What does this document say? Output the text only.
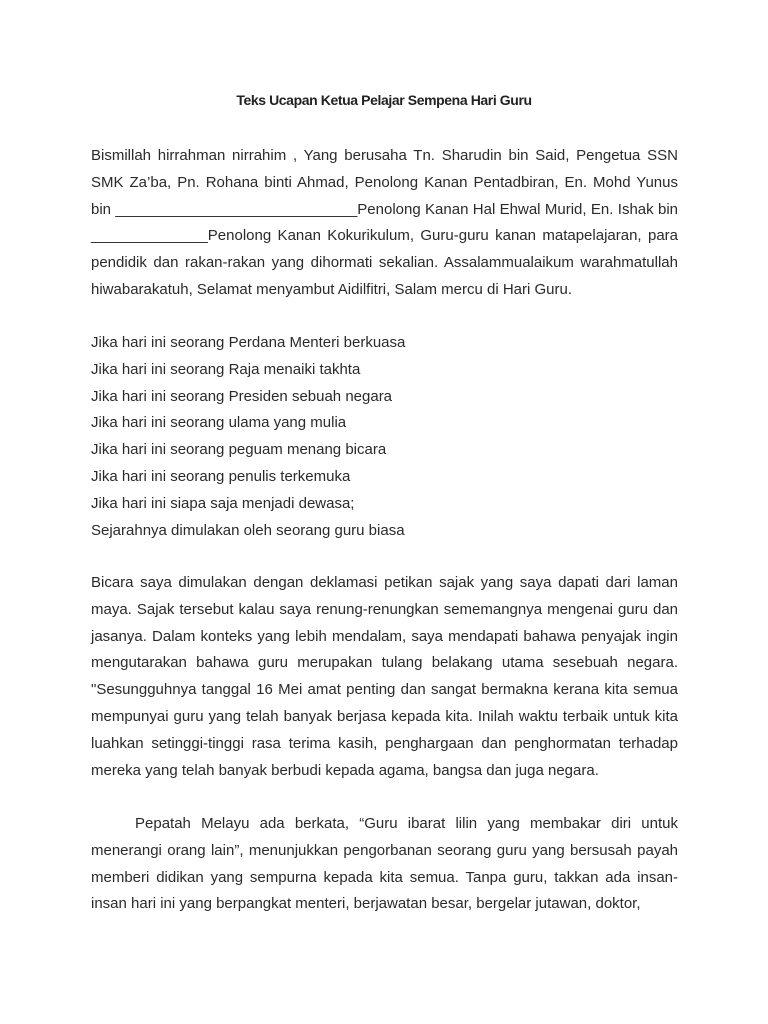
Teks Ucapan Ketua Pelajar Sempena Hari Guru

Bismillah hirrahman nirrahim , Yang berusaha Tn. Sharudin bin Said, Pengetua SSN SMK Za’ba, Pn. Rohana binti Ahmad, Penolong Kanan Pentadbiran, En. Mohd Yunus bin _____________________________Penolong Kanan Hal Ehwal Murid, En. Ishak bin ______________Penolong Kanan Kokurikulum, Guru-guru kanan matapelajaran, para pendidik dan rakan-rakan yang dihormati sekalian. Assalammualaikum warahmatullah hiwabarakatuh, Selamat menyambut Aidilfitri, Salam mercu di Hari Guru.

Jika hari ini seorang Perdana Menteri berkuasa
Jika hari ini seorang Raja menaiki takhta
Jika hari ini seorang Presiden sebuah negara
Jika hari ini seorang ulama yang mulia
Jika hari ini seorang peguam menang bicara
Jika hari ini seorang penulis terkemuka
Jika hari ini siapa saja menjadi dewasa;
Sejarahnya dimulakan oleh seorang guru biasa

Bicara saya dimulakan dengan deklamasi petikan sajak yang saya dapati dari laman maya. Sajak tersebut kalau saya renung-renungkan sememangnya mengenai guru dan jasanya. Dalam konteks yang lebih mendalam, saya mendapati bahawa penyajak ingin mengutarakan bahawa guru merupakan tulang belakang utama sesebuah negara. "Sesungguhnya tanggal 16 Mei amat penting dan sangat bermakna kerana kita semua mempunyai guru yang telah banyak berjasa kepada kita. Inilah waktu terbaik untuk kita luahkan setinggi-tinggi rasa terima kasih, penghargaan dan penghormatan terhadap mereka yang telah banyak berbudi kepada agama, bangsa dan juga negara.

Pepatah Melayu ada berkata, “Guru ibarat lilin yang membakar diri untuk menerangi orang lain”, menunjukkan pengorbanan seorang guru yang bersusah payah memberi didikan yang sempurna kepada kita semua. Tanpa guru, takkan ada insan-insan hari ini yang berpangkat menteri, berjawatan besar, bergelar jutawan, doktor,
